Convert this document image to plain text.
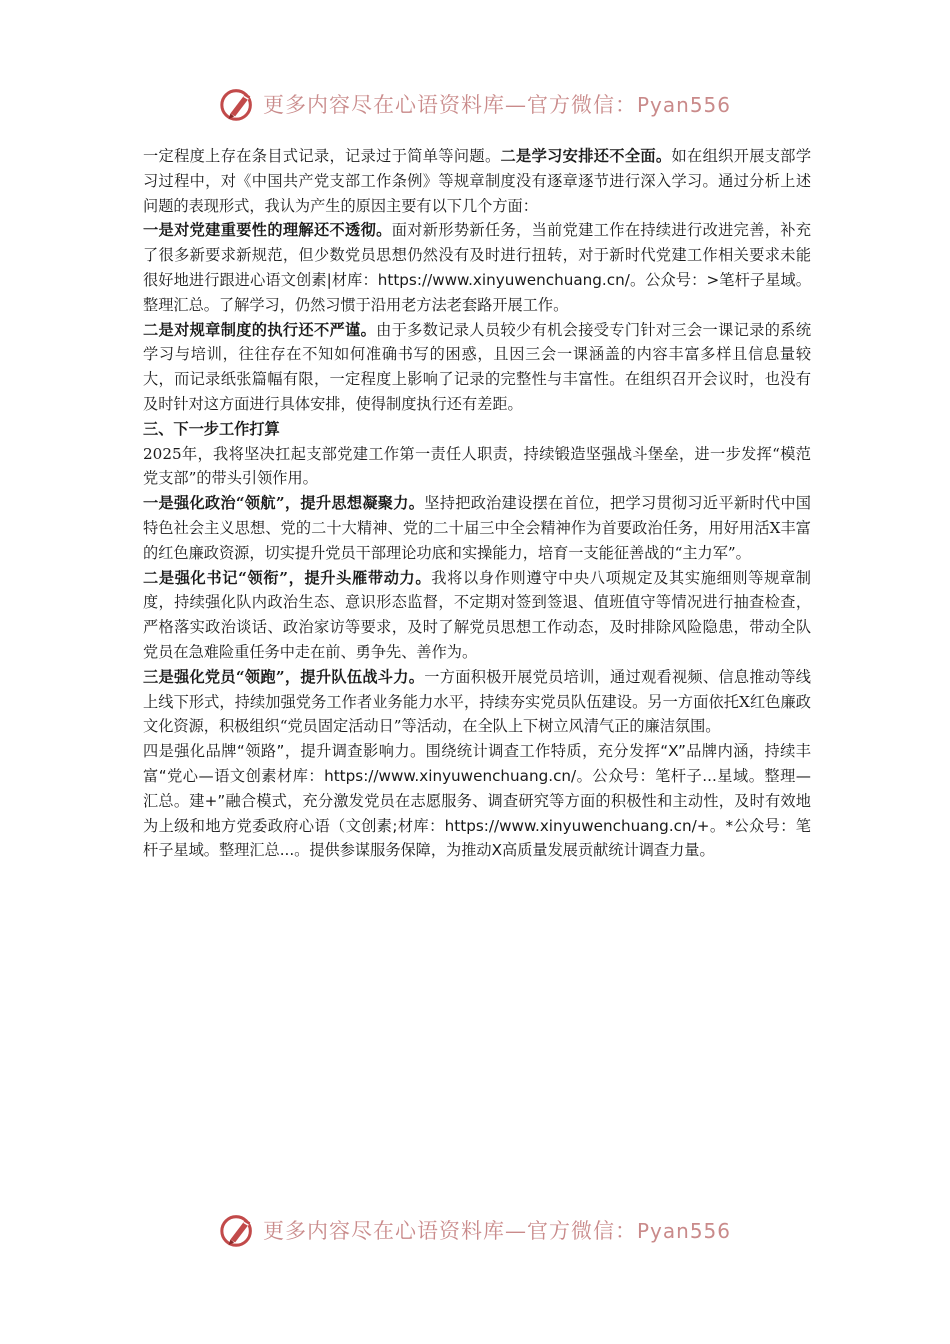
更多内容尽在心语资料库—官方微信：Pyan556

一定程度上存在条目式记录，记录过于简单等问题。二是学习安排还不全面。如在组织开展支部学习过程中，对《中国共产党支部工作条例》等规章制度没有逐章逐节进行深入学习。通过分析上述问题的表现形式，我认为产生的原因主要有以下几个方面：

一是对党建重要性的理解还不透彻。面对新形势新任务，当前党建工作在持续进行改进完善，补充了很多新要求新规范，但少数党员思想仍然没有及时进行扭转，对于新时代党建工作相关要求未能很好地进行跟进心语文创素|材库：https://www.xinyuwenchuang.cn/。公众号：>笔杆子星域。整理汇总。了解学习，仍然习惯于沿用老方法老套路开展工作。

二是对规章制度的执行还不严谨。由于多数记录人员较少有机会接受专门针对三会一课记录的系统学习与培训，往往存在不知如何准确书写的困惑，且因三会一课涵盖的内容丰富多样且信息量较大，而记录纸张篇幅有限，一定程度上影响了记录的完整性与丰富性。在组织召开会议时，也没有及时针对这方面进行具体安排，使得制度执行还有差距。

三、下一步工作打算

2025年，我将坚决扛起支部党建工作第一责任人职责，持续锻造坚强战斗堡垒，进一步发挥“模范党支部”的带头引领作用。

一是强化政治“领航”，提升思想凝聚力。坚持把政治建设摆在首位，把学习贯彻习近平新时代中国特色社会主义思想、党的二十大精神、党的二十届三中全会精神作为首要政治任务，用好用活X丰富的红色廉政资源，切实提升党员干部理论功底和实操能力，培育一支能征善战的“主力军”。

二是强化书记“领衔”，提升头雁带动力。我将以身作则遵守中央八项规定及其实施细则等规章制度，持续强化队内政治生态、意识形态监督，不定期对签到签退、值班值守等情况进行抽查检查，严格落实政治谈话、政治家访等要求，及时了解党员思想工作动态，及时排除风险隐患，带动全队党员在急难险重任务中走在前、勇争先、善作为。

三是强化党员“领跑”，提升队伍战斗力。一方面积极开展党员培训，通过观看视频、信息推动等线上线下形式，持续加强党务工作者业务能力水平，持续夯实党员队伍建设。另一方面依托X红色廉政文化资源，积极组织“党员固定活动日”等活动，在全队上下树立风清气正的廉洁氛围。

四是强化品牌“领路”，提升调查影响力。围绕统计调查工作特质，充分发挥“X”品牌内涵，持续丰富“党心—语文创素材库：https://www.xinyuwenchuang.cn/。公众号：笔杆子...星域。整理—汇总。建+”融合模式，充分激发党员在志愿服务、调查研究等方面的积极性和主动性，及时有效地为上级和地方党委政府心语（文创素;材库：https://www.xinyuwenchuang.cn/+。*公众号：笔杆子星域。整理汇总...。提供参谋服务保障，为推动X高质量发展贡献统计调查力量。

更多内容尽在心语资料库—官方微信：Pyan556
